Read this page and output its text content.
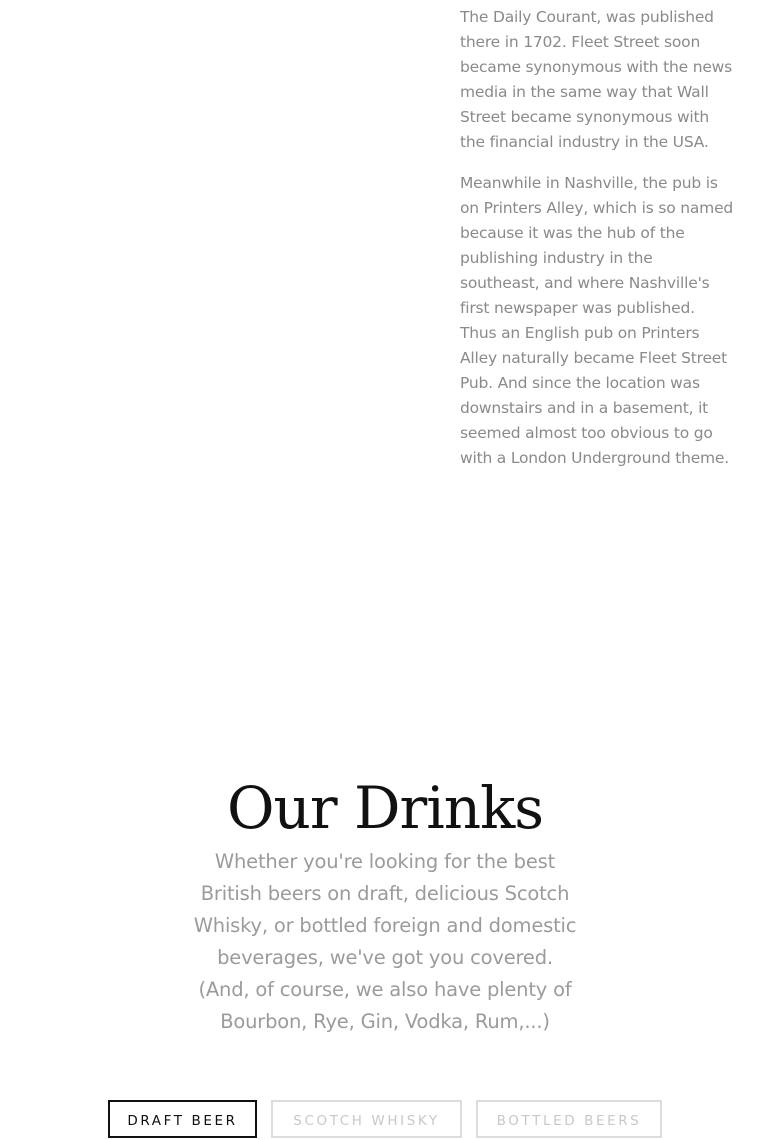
The Daily Courant, was published there in 1702. Fleet Street soon became synonymous with the news media in the same way that Wall Street became synonymous with the financial industry in the USA.

Meanwhile in Nashville, the pub is on Printers Alley, which is so named because it was the hub of the publishing industry in the southeast, and where Nashville's first newspaper was published. Thus an English pub on Printers Alley naturally became Fleet Street Pub. And since the location was downstairs and in a basement, it seemed almost too obvious to go with a London Underground theme.

Our Drinks
Whether you're looking for the best British beers on draft, delicious Scotch Whisky, or bottled foreign and domestic beverages, we've got you covered. (And, of course, we also have plenty of Bourbon, Rye, Gin, Vodka, Rum,...)
DRAFT BEER	SCOTCH WHISKY	BOTTLED BEERS
